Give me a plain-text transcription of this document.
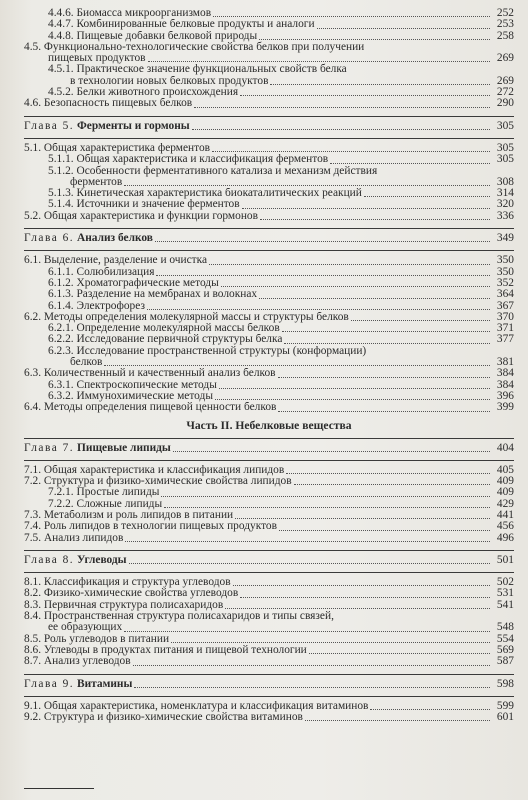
4.4.6. Биомасса микроорганизмов	252
4.4.7. Комбинированные белковые продукты и аналоги	253
4.4.8. Пищевые добавки белковой природы	258
4.5. Функционально-технологические свойства белков при получении
пищевых продуктов	269
4.5.1. Практическое значение функциональных свойств белка
в технологии новых белковых продуктов	269
4.5.2. Белки животного происхождения	272
4.6. Безопасность пищевых белков	290
Глава 5. Ферменты и гормоны	305
5.1. Общая характеристика ферментов	305
5.1.1. Общая характеристика и классификация ферментов	305
5.1.2. Особенности ферментативного катализа и механизм действия
ферментов	308
5.1.3. Кинетическая характеристика биокаталитических реакций	314
5.1.4. Источники и значение ферментов	320
5.2. Общая характеристика и функции гормонов	336
Глава 6. Анализ белков	349
6.1. Выделение, разделение и очистка	350
6.1.1. Солюбилизация	350
6.1.2. Хроматографические методы	352
6.1.3. Разделение на мембранах и волокнах	364
6.1.4. Электрофорез	367
6.2. Методы определения молекулярной массы и структуры белков	370
6.2.1. Определение молекулярной массы белков	371
6.2.2. Исследование первичной структуры белка	377
6.2.3. Исследование пространственной структуры (конформации)
белков	381
6.3. Количественный и качественный анализ белков	384
6.3.1. Спектроскопические методы	384
6.3.2. Иммунохимические методы	396
6.4. Методы определения пищевой ценности белков	399
Часть II. Небелковые вещества
Глава 7. Пищевые липиды	404
7.1. Общая характеристика и классификация липидов	405
7.2. Структура и физико-химические свойства липидов	409
7.2.1. Простые липиды	409
7.2.2. Сложные липиды	429
7.3. Метаболизм и роль липидов в питании	441
7.4. Роль липидов в технологии пищевых продуктов	456
7.5. Анализ липидов	496
Глава 8. Углеводы	501
8.1. Классификация и структура углеводов	502
8.2. Физико-химические свойства углеводов	531
8.3. Первичная структура полисахаридов	541
8.4. Пространственная структура полисахаридов и типы связей,
ее образующих	548
8.5. Роль углеводов в питании	554
8.6. Углеводы в продуктах питания и пищевой технологии	569
8.7. Анализ углеводов	587
Глава 9. Витамины	598
9.1. Общая характеристика, номенклатура и классификация витаминов	599
9.2. Структура и физико-химические свойства витаминов	601
